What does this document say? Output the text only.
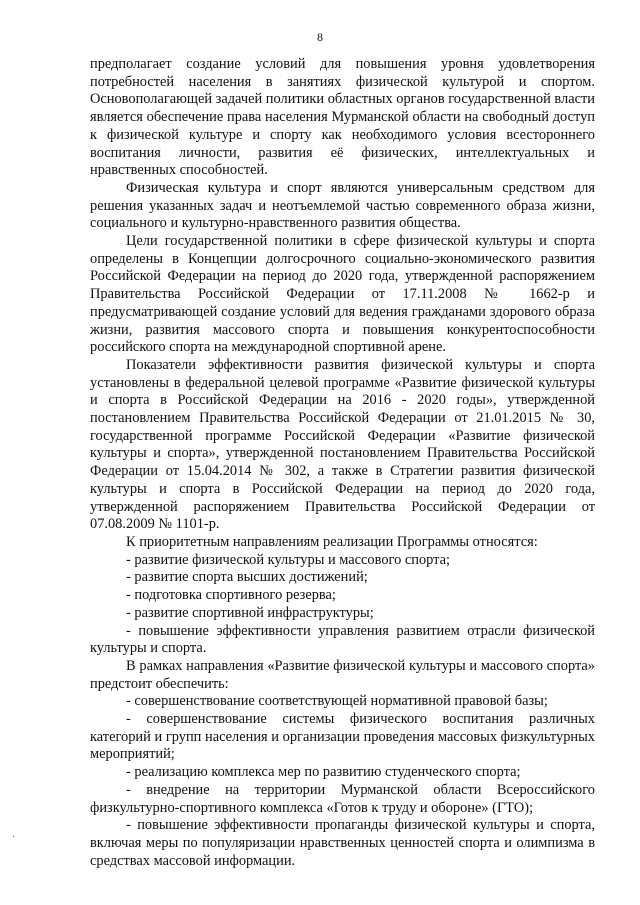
8
·

предполагает создание условий для повышения уровня удовлетворения потребностей населения в занятиях физической культурой и спортом. Основополагающей задачей политики областных органов государственной власти является обеспечение права населения Мурманской области на свободный доступ к физической культуре и спорту как необходимого условия всестороннего воспитания личности, развития её физических, интеллектуальных и нравственных способностей.

Физическая культура и спорт являются универсальным средством для решения указанных задач и неотъемлемой частью современного образа жизни, социального и культурно-нравственного развития общества.

Цели государственной политики в сфере физической культуры и спорта определены в Концепции долгосрочного социально-экономического развития Российской Федерации на период до 2020 года, утвержденной распоряжением Правительства Российской Федерации от 17.11.2008 № 1662-р и предусматривающей создание условий для ведения гражданами здорового образа жизни, развития массового спорта и повышения конкурентоспособности российского спорта на международной спортивной арене.

Показатели эффективности развития физической культуры и спорта установлены в федеральной целевой программе «Развитие физической культуры и спорта в Российской Федерации на 2016 - 2020 годы», утвержденной постановлением Правительства Российской Федерации от 21.01.2015 № 30, государственной программе Российской Федерации «Развитие физической культуры и спорта», утвержденной постановлением Правительства Российской Федерации от 15.04.2014 № 302, а также в Стратегии развития физической культуры и спорта в Российской Федерации на период до 2020 года, утвержденной распоряжением Правительства Российской Федерации от 07.08.2009 № 1101-р.

К приоритетным направлениям реализации Программы относятся:

- развитие физической культуры и массового спорта;

- развитие спорта высших достижений;

- подготовка спортивного резерва;

- развитие спортивной инфраструктуры;

- повышение эффективности управления развитием отрасли физической культуры и спорта.

В рамках направления «Развитие физической культуры и массового спорта» предстоит обеспечить:

- совершенствование соответствующей нормативной правовой базы;

- совершенствование системы физического воспитания различных категорий и групп населения и организации проведения массовых физкультурных мероприятий;

- реализацию комплекса мер по развитию студенческого спорта;

- внедрение на территории Мурманской области Всероссийского физкультурно-спортивного комплекса «Готов к труду и обороне» (ГТО);

- повышение эффективности пропаганды физической культуры и спорта, включая меры по популяризации нравственных ценностей спорта и олимпизма в средствах массовой информации.
